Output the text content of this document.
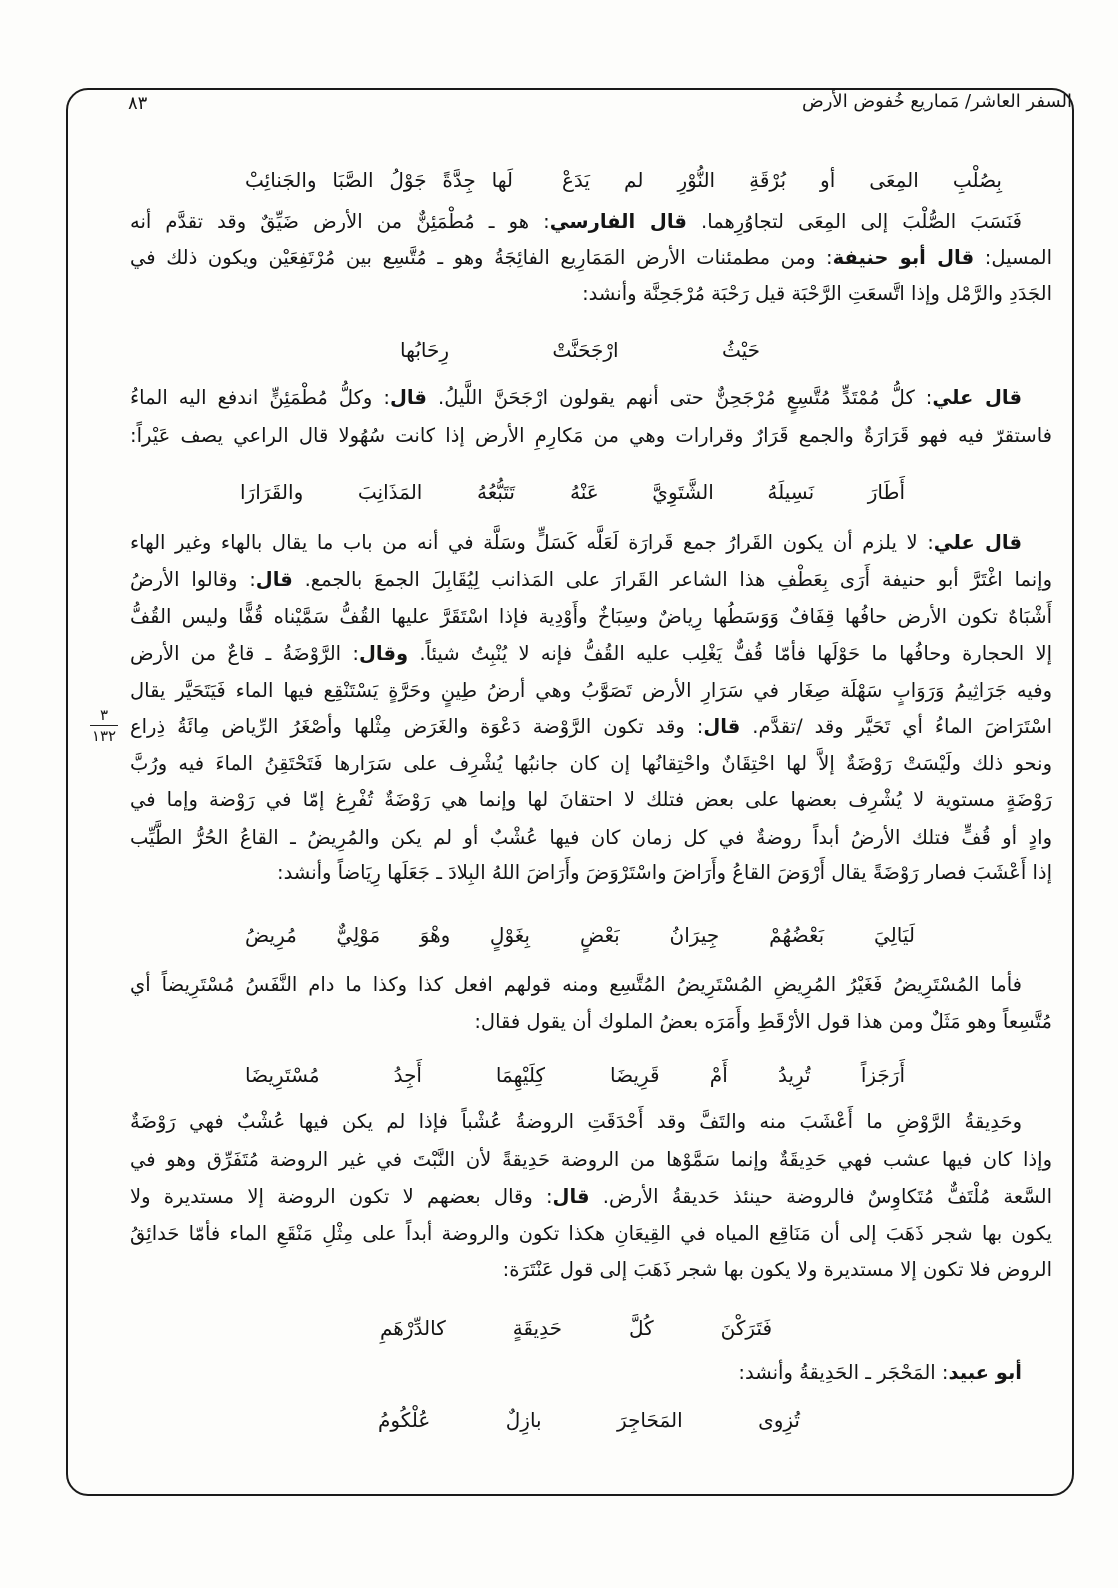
السفر العاشر/ مَماريع خُفوض الأرض
٨٣
٣
١٣٢
بِصُلْبِ المِعَى أو بُرْقَةِ النُّوْرِ لم يَدَعْ
لَها جِدَّةً جَوْلُ الصَّبَا والجَنائِبْ
فَنَسَبَ الصُّلْبَ إلى المِعَى لتجاوُرِهما. قال الفارسي: هو ـ مُطْمَئِنٌّ من الأرض ضَيِّقٌ وقد تقدَّم أنه
المسيل: قال أبو حنيفة: ومن مطمئنات الأرض المَمَارِيع الفائِجَةُ وهو ـ مُتَّسِع بين مُرْتَفِعَيْن ويكون ذلك في
الجَدَدِ والرَّمْل وإذا اتَّسعَتِ الرَّحْبَة قيل رَحْبَة مُرْجَحِنَّة وأنشد:
حَيْثُ ارْجَحَنَّتْ رِحَابُها
قال علي: كلُّ مُمْتَدٍّ مُتَّسِعٍ مُرْجَحِنٌّ حتى أنهم يقولون ارْجَحَنَّ اللَّيلُ. قال: وكلُّ مُطْمَئِنٍّ اندفع اليه الماءُ
فاستقرّ فيه فهو قَرَارَةٌ والجمع قَرَارٌ وقرارات وهي من مَكارِمِ الأرض إذا كانت سُهُولا قال الراعي يصف عَيْراً:
أَطَارَ نَسِيلَهُ الشَّتَوِيَّ عَنْهُ
تَتَبُّعُهُ المَذَانِبَ والقَرَارَا
قال علي: لا يلزم أن يكون القَرارُ جمع قَرارَة لَعَلَّه كَسَلٍّ وسَلَّة في أنه من باب ما يقال بالهاء وغير الهاء
وإنما اغْتَرَّ أبو حنيفة أَرَى بِعَطْفِ هذا الشاعر القَرارَ على المَذانب لِيُقَابِلَ الجمعَ بالجمع. قال: وقالوا الأرضُ
أَشْبَاهٌ تكون الأرض حافُها قِفَافٌ وَوَسَطُها رِياضٌ وسِبَاخٌ وأَوْدِية فإذا اسْتَقَرَّ عليها القُفُّ سَمَّيْناه قُفًّا وليس القُفُّ
إلا الحجارة وحافُها ما حَوْلَها فأمّا قُفٌّ يَغْلِب عليه القُفُّ فإنه لا يُنْبِتُ شيئاً. وقال: الرَّوْضَةُ ـ قاعٌ من الأرض
وفيه جَرَاثِيمُ وَرَوَابٍ سَهْلَة صِغَار في سَرَارِ الأرض تَصَوَّبُ وهي أرضُ طِينٍ وحَرَّةٍ يَسْتَنْقِع فيها الماء فَيَتَحَيَّر يقال
اسْتَرَاضَ الماءُ أي تَحَيَّر وقد /تقدَّم. قال: وقد تكون الرَّوْضة دَعْوَة والغَرَض مِثْلها وأصْغَرُ الرِّياض مِائَةُ ذِراع
ونحو ذلك ولَيْسَتْ رَوْضَةٌ إلاَّ لها احْتِقَانٌ واحْتِقانُها إن كان جانبُها يُشْرِف على سَرَارها فَتَحْتَقِنُ الماءَ فيه ورُبَّ
رَوْضَةٍ مستوية لا يُشْرِف بعضها على بعض فتلك لا احتقانَ لها وإنما هي رَوْضَةٌ تُفْرِغ إمّا في رَوْضة وإما في
وادٍ أو قُفٍّ فتلك الأرضُ أبداً روضةٌ في كل زمان كان فيها عُشْبٌ أو لم يكن والمُرِيضُ ـ القاعُ الحُرُّ الطَّيِّب
إذا أَعْشَبَ فصار رَوْضَةً يقال أَرْوَضَ القاعُ وأَرَاضَ واسْتَرْوَضَ وأَرَاضَ اللهُ البِلادَ ـ جَعَلَها رِيَاضاً وأنشد:
لَيَالِيَ بَعْضُهُمْ جِيرَانُ بَعْضٍ
بِغَوْلٍ وهْوَ مَوْلِيٌّ مُرِيضُ
فأما المُسْتَرِيضُ فَغَيْرُ المُرِيضِ المُسْتَرِيضُ المُتَّسِع ومنه قولهم افعل كذا وكذا ما دام النَّفَسُ مُسْتَرِيضاً أي
مُتَّسِعاً وهو مَثَلٌ ومن هذا قول الأرْقَطِ وأَمَرَه بعضُ الملوك أن يقول فقال:
أَرَجَزاً تُرِيدُ أَمْ قَرِيضَا
كِلَيْهِمَا أَجِدُ مُسْتَرِيضَا
وحَدِيقةُ الرَّوْضِ ما أَعْشَبَ منه والتَفَّ وقد أَحْدَقَتِ الروضةُ عُشْباً فإذا لم يكن فيها عُشْبٌ فهي رَوْضَةٌ
وإذا كان فيها عشب فهي حَدِيقَةٌ وإنما سَمَّوْها من الروضة حَدِيقةً لأن النَّبْتَ في غير الروضة مُتَفَرِّق وهو في
السَّعة مُلْتَفٌّ مُتَكاوِسٌ فالروضة حينئذ حَديقةُ الأرض. قال: وقال بعضهم لا تكون الروضة إلا مستديرة ولا
يكون بها شجر ذَهَبَ إلى أن مَنَاقِع المياه في القِيعَانِ هكذا تكون والروضة أبداً على مِثْلِ مَنْقَعِ الماء فأمّا حَدائِقُ
الروض فلا تكون إلا مستديرة ولا يكون بها شجر ذَهَبَ إلى قول عَنْتَرَة:
فَتَرَكْنَ كُلَّ حَدِيقَةٍ كالدِّرْهَمِ
أبو عبيد: المَحْجَر ـ الحَدِيقةُ وأنشد:
تُزِوى المَحَاجِرَ بازِلٌ عُلْكُومُ
